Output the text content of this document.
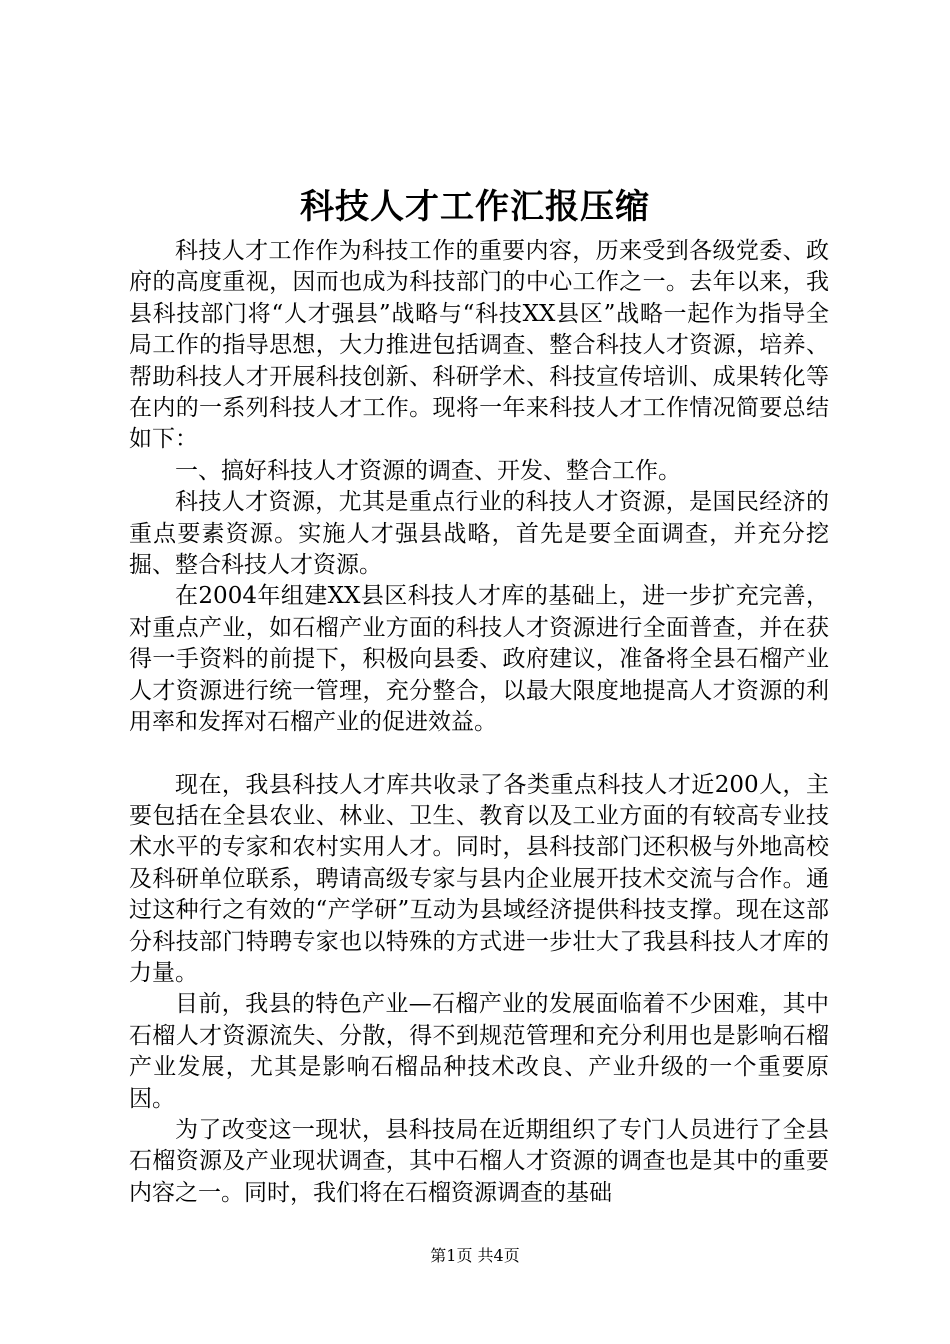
科技人才工作汇报压缩

科技人才工作作为科技工作的重要内容，历来受到各级党委、政府的高度重视，因而也成为科技部门的中心工作之一。去年以来，我县科技部门将“人才强县”战略与“科技XX县区”战略一起作为指导全局工作的指导思想，大力推进包括调查、整合科技人才资源，培养、帮助科技人才开展科技创新、科研学术、科技宣传培训、成果转化等在内的一系列科技人才工作。现将一年来科技人才工作情况简要总结如下：

一、搞好科技人才资源的调查、开发、整合工作。

科技人才资源，尤其是重点行业的科技人才资源，是国民经济的重点要素资源。实施人才强县战略，首先是要全面调查，并充分挖掘、整合科技人才资源。

在2004年组建XX县区科技人才库的基础上，进一步扩充完善，对重点产业，如石榴产业方面的科技人才资源进行全面普查，并在获得一手资料的前提下，积极向县委、政府建议，准备将全县石榴产业人才资源进行统一管理，充分整合，以最大限度地提高人才资源的利用率和发挥对石榴产业的促进效益。

现在，我县科技人才库共收录了各类重点科技人才近200人，主要包括在全县农业、林业、卫生、教育以及工业方面的有较高专业技术水平的专家和农村实用人才。同时，县科技部门还积极与外地高校及科研单位联系，聘请高级专家与县内企业展开技术交流与合作。通过这种行之有效的“产学研”互动为县域经济提供科技支撑。现在这部分科技部门特聘专家也以特殊的方式进一步壮大了我县科技人才库的力量。

目前，我县的特色产业—石榴产业的发展面临着不少困难，其中石榴人才资源流失、分散，得不到规范管理和充分利用也是影响石榴产业发展，尤其是影响石榴品种技术改良、产业升级的一个重要原因。

为了改变这一现状，县科技局在近期组织了专门人员进行了全县石榴资源及产业现状调查，其中石榴人才资源的调查也是其中的重要内容之一。同时，我们将在石榴资源调查的基础

第1页 共4页
